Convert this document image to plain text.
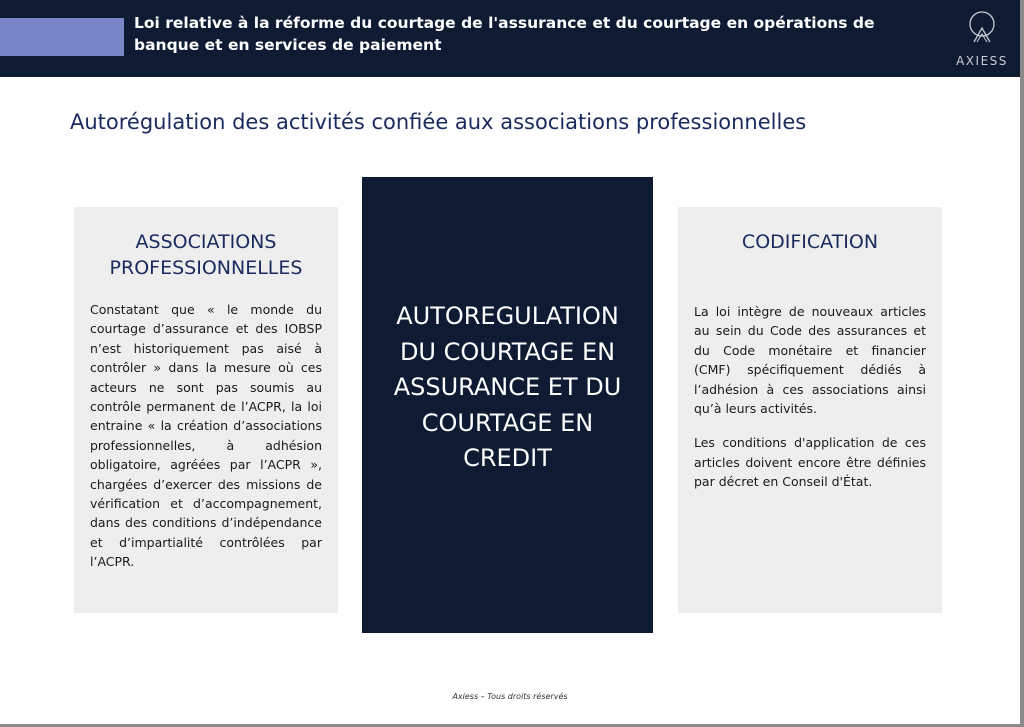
Loi relative à la réforme du courtage de l'assurance et du courtage en opérations de banque et en services de paiement
AXIESS
Autorégulation des activités confiée aux associations professionnelles
ASSOCIATIONS PROFESSIONNELLES
Constatant que « le monde du courtage d’assurance et des IOBSP n’est historiquement pas aisé à contrôler » dans la mesure où ces acteurs ne sont pas soumis au contrôle permanent de l’ACPR, la loi entraine « la création d’associations professionnelles, à adhésion obligatoire, agréées par l’ACPR », chargées d’exercer des missions de vérification et d’accompagnement, dans des conditions d’indépendance et d’impartialité contrôlées par l’ACPR.
AUTOREGULATION DU COURTAGE EN ASSURANCE ET DU COURTAGE EN CREDIT
CODIFICATION

La loi intègre de nouveaux articles au sein du Code des assurances et du Code monétaire et financier (CMF) spécifiquement dédiés à l’adhésion à ces associations ainsi qu’à leurs activités.

Les conditions d'application de ces articles doivent encore être définies par décret en Conseil d'État.

Axiess – Tous droits réservés
